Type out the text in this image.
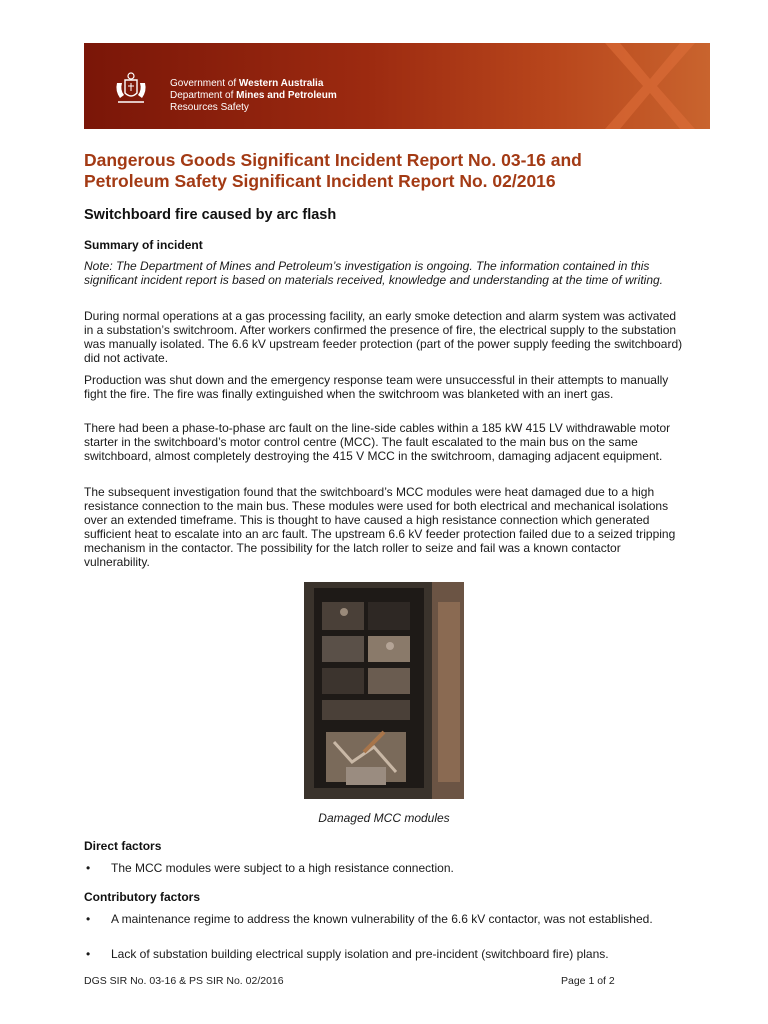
Government of Western Australia
Department of Mines and Petroleum
Resources Safety
Dangerous Goods Significant Incident Report No. 03-16 and
Petroleum Safety Significant Incident Report No. 02/2016
Switchboard fire caused by arc flash
Summary of incident

Note: The Department of Mines and Petroleum’s investigation is ongoing. The information contained in this significant incident report is based on materials received, knowledge and understanding at the time of writing.

During normal operations at a gas processing facility, an early smoke detection and alarm system was activated in a substation’s switchroom. After workers confirmed the presence of fire, the electrical supply to the substation was manually isolated. The 6.6 kV upstream feeder protection (part of the power supply feeding the switchboard) did not activate.

Production was shut down and the emergency response team were unsuccessful in their attempts to manually fight the fire. The fire was finally extinguished when the switchroom was blanketed with an inert gas.

There had been a phase-to-phase arc fault on the line-side cables within a 185 kW 415 LV withdrawable motor starter in the switchboard’s motor control centre (MCC). The fault escalated to the main bus on the same switchboard, almost completely destroying the 415 V MCC in the switchroom, damaging adjacent equipment.

The subsequent investigation found that the switchboard’s MCC modules were heat damaged due to a high resistance connection to the main bus. These modules were used for both electrical and mechanical isolations over an extended timeframe. This is thought to have caused a high resistance connection which generated sufficient heat to escalate into an arc fault. The upstream 6.6 kV feeder protection failed due to a seized tripping mechanism in the contactor. The possibility for the latch roller to seize and fail was a known contactor vulnerability.

Damaged MCC modules
Direct factors
• The MCC modules were subject to a high resistance connection.
Contributory factors
• A maintenance regime to address the known vulnerability of the 6.6 kV contactor, was not established.
• Lack of substation building electrical supply isolation and pre-incident (switchboard fire) plans.
DGS SIR No. 03-16 & PS SIR No. 02/2016	Page 1 of 2
